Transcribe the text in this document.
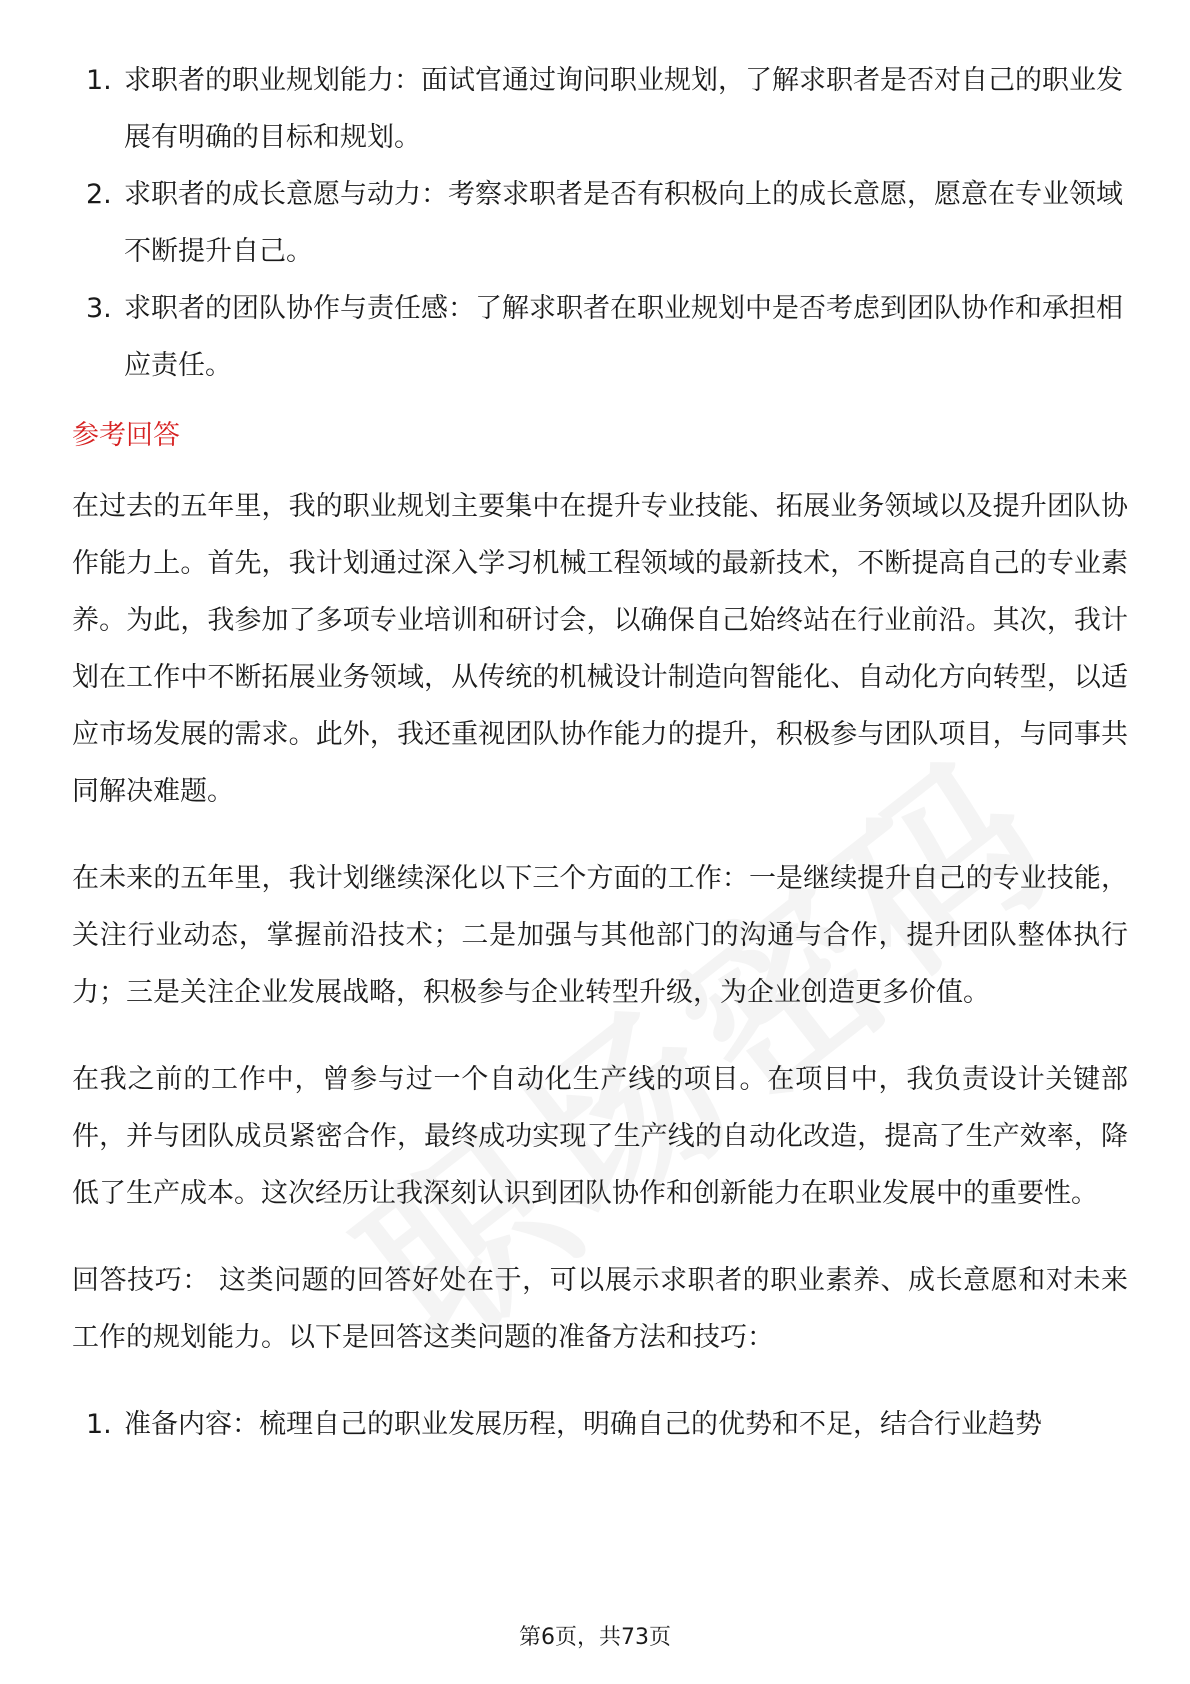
1. 求职者的职业规划能力：面试官通过询问职业规划，了解求职者是否对自己的职业发展有明确的目标和规划。
2. 求职者的成长意愿与动力：考察求职者是否有积极向上的成长意愿，愿意在专业领域不断提升自己。
3. 求职者的团队协作与责任感：了解求职者在职业规划中是否考虑到团队协作和承担相应责任。
参考回答

在过去的五年里，我的职业规划主要集中在提升专业技能、拓展业务领域以及提升团队协作能力上。首先，我计划通过深入学习机械工程领域的最新技术，不断提高自己的专业素养。为此，我参加了多项专业培训和研讨会，以确保自己始终站在行业前沿。其次，我计划在工作中不断拓展业务领域，从传统的机械设计制造向智能化、自动化方向转型，以适应市场发展的需求。此外，我还重视团队协作能力的提升，积极参与团队项目，与同事共同解决难题。

在未来的五年里，我计划继续深化以下三个方面的工作：一是继续提升自己的专业技能，关注行业动态，掌握前沿技术；二是加强与其他部门的沟通与合作，提升团队整体执行力；三是关注企业发展战略，积极参与企业转型升级，为企业创造更多价值。

在我之前的工作中，曾参与过一个自动化生产线的项目。在项目中，我负责设计关键部件，并与团队成员紧密合作，最终成功实现了生产线的自动化改造，提高了生产效率，降低了生产成本。这次经历让我深刻认识到团队协作和创新能力在职业发展中的重要性。

回答技巧： 这类问题的回答好处在于，可以展示求职者的职业素养、成长意愿和对未来工作的规划能力。以下是回答这类问题的准备方法和技巧：

1. 准备内容：梳理自己的职业发展历程，明确自己的优势和不足，结合行业趋势
第6页，共73页
